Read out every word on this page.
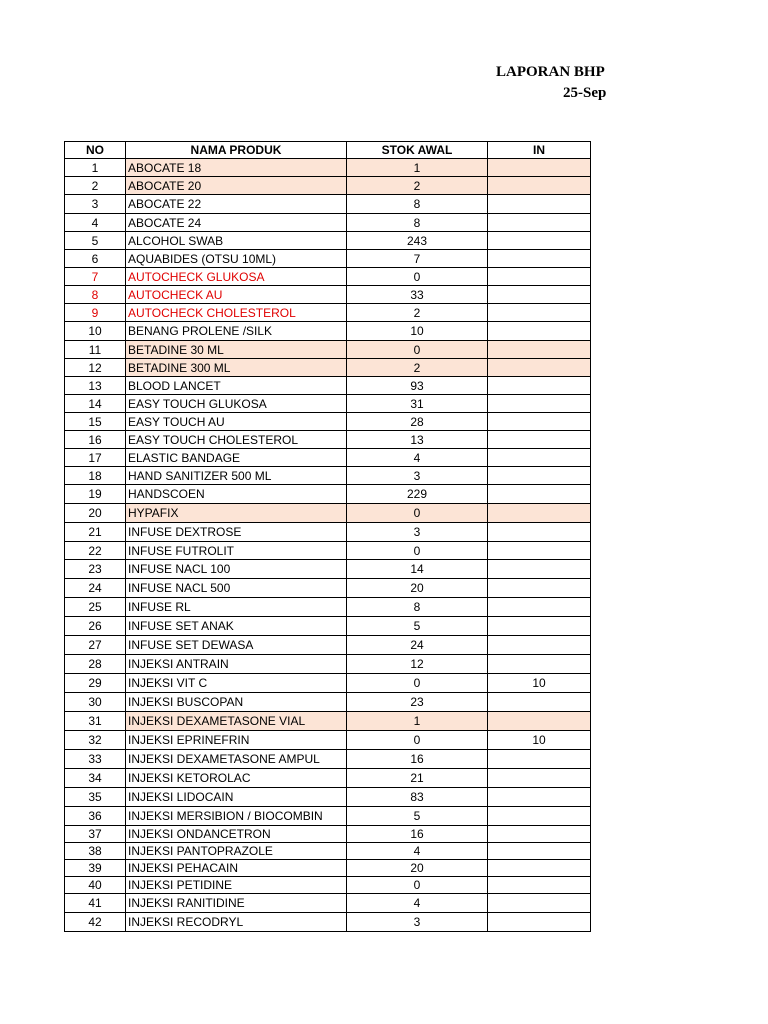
LAPORAN BHP
25-Sep
NO	NAMA PRODUK	STOK AWAL	IN
1	ABOCATE 18	1	
2	ABOCATE 20	2	
3	ABOCATE 22	8	
4	ABOCATE 24	8	
5	ALCOHOL SWAB	243	
6	AQUABIDES (OTSU 10ML)	7	
7	AUTOCHECK GLUKOSA	0	
8	AUTOCHECK AU	33	
9	AUTOCHECK CHOLESTEROL	2	
10	BENANG PROLENE /SILK	10	
11	BETADINE 30 ML	0	
12	BETADINE 300 ML	2	
13	BLOOD LANCET	93	
14	EASY TOUCH GLUKOSA	31	
15	EASY TOUCH AU	28	
16	EASY TOUCH CHOLESTEROL	13	
17	ELASTIC BANDAGE	4	
18	HAND SANITIZER 500 ML	3	
19	HANDSCOEN	229	
20	HYPAFIX	0	
21	INFUSE DEXTROSE	3	
22	INFUSE FUTROLIT	0	
23	INFUSE NACL 100	14	
24	INFUSE NACL 500	20	
25	INFUSE RL	8	
26	INFUSE SET ANAK	5	
27	INFUSE SET DEWASA	24	
28	INJEKSI ANTRAIN	12	
29	INJEKSI VIT C	0	10
30	INJEKSI BUSCOPAN	23	
31	INJEKSI DEXAMETASONE VIAL	1	
32	INJEKSI EPRINEFRIN	0	10
33	INJEKSI DEXAMETASONE AMPUL	16	
34	INJEKSI KETOROLAC	21	
35	INJEKSI LIDOCAIN	83	
36	INJEKSI MERSIBION / BIOCOMBIN	5	
37	INJEKSI ONDANCETRON	16	
38	INJEKSI PANTOPRAZOLE	4	
39	INJEKSI PEHACAIN	20	
40	INJEKSI PETIDINE	0	
41	INJEKSI RANITIDINE	4	
42	INJEKSI RECODRYL	3	
